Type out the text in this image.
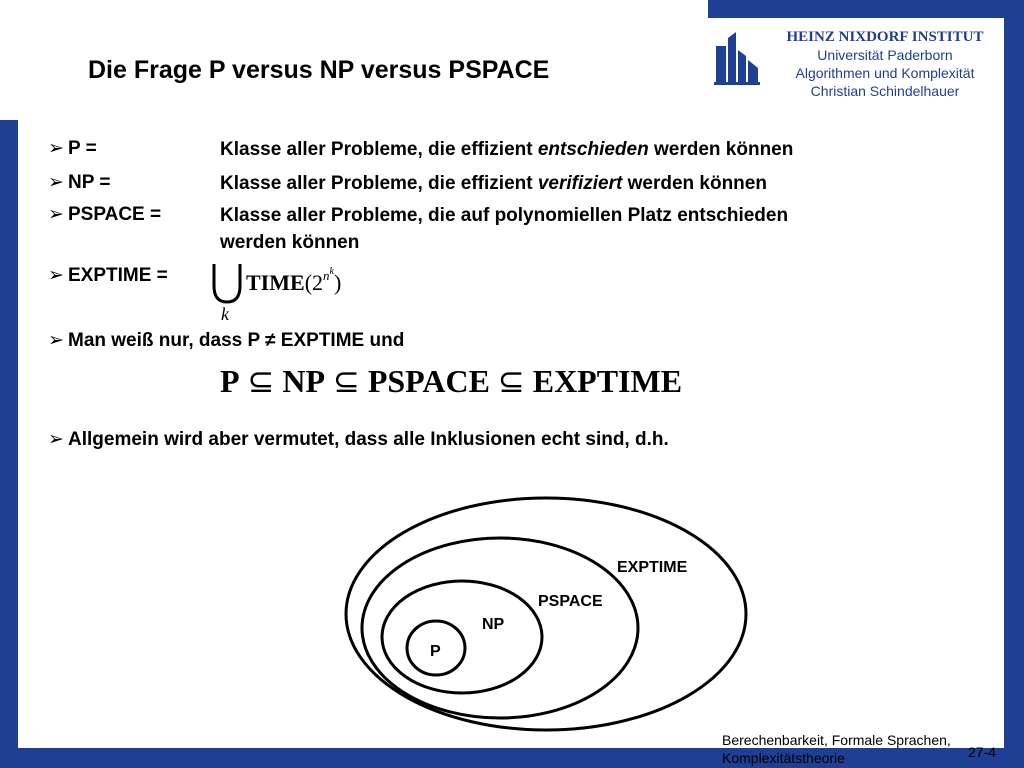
Die Frage P versus NP versus PSPACE
HEINZ NIXDORF INSTITUT
Universität Paderborn
Algorithmen und Komplexität
Christian Schindelhauer
➢ P =	Klasse aller Probleme, die effizient entschieden werden können
➢ NP =	Klasse aller Probleme, die effizient verifiziert werden können
➢ PSPACE =	Klasse aller Probleme, die auf polynomiellen Platz entschieden
werden können
➢ EXPTIME =
k
$TIME(2^{n^k})$
➢ Man weiß nur, dass P ≠ EXPTIME und
P ⊆ NP ⊆ PSPACE ⊆ EXPTIME
➢ Allgemein wird aber vermutet, dass alle Inklusionen echt sind, d.h.
EXPTIME
PSPACE
NP
P
Berechenbarkeit, Formale Sprachen,
Komplexitätstheorie	27-4
